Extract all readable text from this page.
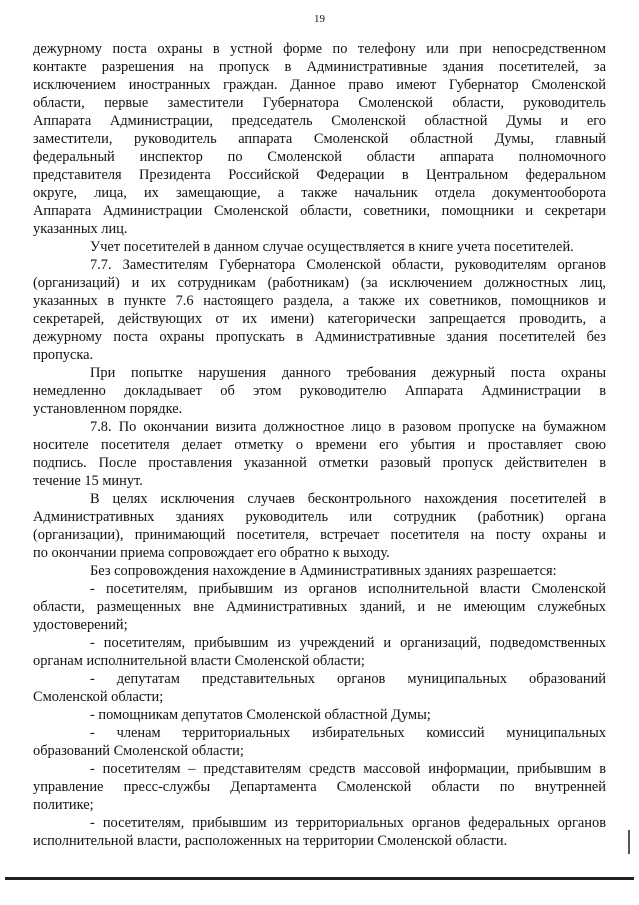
19
дежурному поста охраны в устной форме по телефону или при непосредственном
контакте разрешения на пропуск в Административные здания посетителей, за
исключением иностранных граждан. Данное право имеют Губернатор Смоленской
области, первые заместители Губернатора Смоленской области, руководитель
Аппарата Администрации, председатель Смоленской областной Думы и его
заместители, руководитель аппарата Смоленской областной Думы, главный
федеральный инспектор по Смоленской области аппарата полномочного
представителя Президента Российской Федерации в Центральном федеральном
округе, лица, их замещающие, а также начальник отдела документооборота
Аппарата Администрации Смоленской области, советники, помощники и секретари
указанных лиц.
Учет посетителей в данном случае осуществляется в книге учета посетителей.
7.7. Заместителям Губернатора Смоленской области, руководителям органов
(организаций) и их сотрудникам (работникам) (за исключением должностных лиц,
указанных в пункте 7.6 настоящего раздела, а также их советников, помощников и
секретарей, действующих от их имени) категорически запрещается проводить, а
дежурному поста охраны пропускать в Административные здания посетителей без
пропуска.
При попытке нарушения данного требования дежурный поста охраны
немедленно докладывает об этом руководителю Аппарата Администрации в
установленном порядке.
7.8. По окончании визита должностное лицо в разовом пропуске на бумажном
носителе посетителя делает отметку о времени его убытия и проставляет свою
подпись. После проставления указанной отметки разовый пропуск действителен в
течение 15 минут.
В целях исключения случаев бесконтрольного нахождения посетителей в
Административных зданиях руководитель или сотрудник (работник) органа
(организации), принимающий посетителя, встречает посетителя на посту охраны и
по окончании приема сопровождает его обратно к выходу.
Без сопровождения нахождение в Административных зданиях разрешается:
- посетителям, прибывшим из органов исполнительной власти Смоленской
области, размещенных вне Административных зданий, и не имеющим служебных
удостоверений;
- посетителям, прибывшим из учреждений и организаций, подведомственных
органам исполнительной власти Смоленской области;
- депутатам представительных органов муниципальных образований
Смоленской области;
- помощникам депутатов Смоленской областной Думы;
- членам территориальных избирательных комиссий муниципальных
образований Смоленской области;
- посетителям – представителям средств массовой информации, прибывшим в
управление пресс-службы Департамента Смоленской области по внутренней
политике;
- посетителям, прибывшим из территориальных органов федеральных органов
исполнительной власти, расположенных на территории Смоленской области.
